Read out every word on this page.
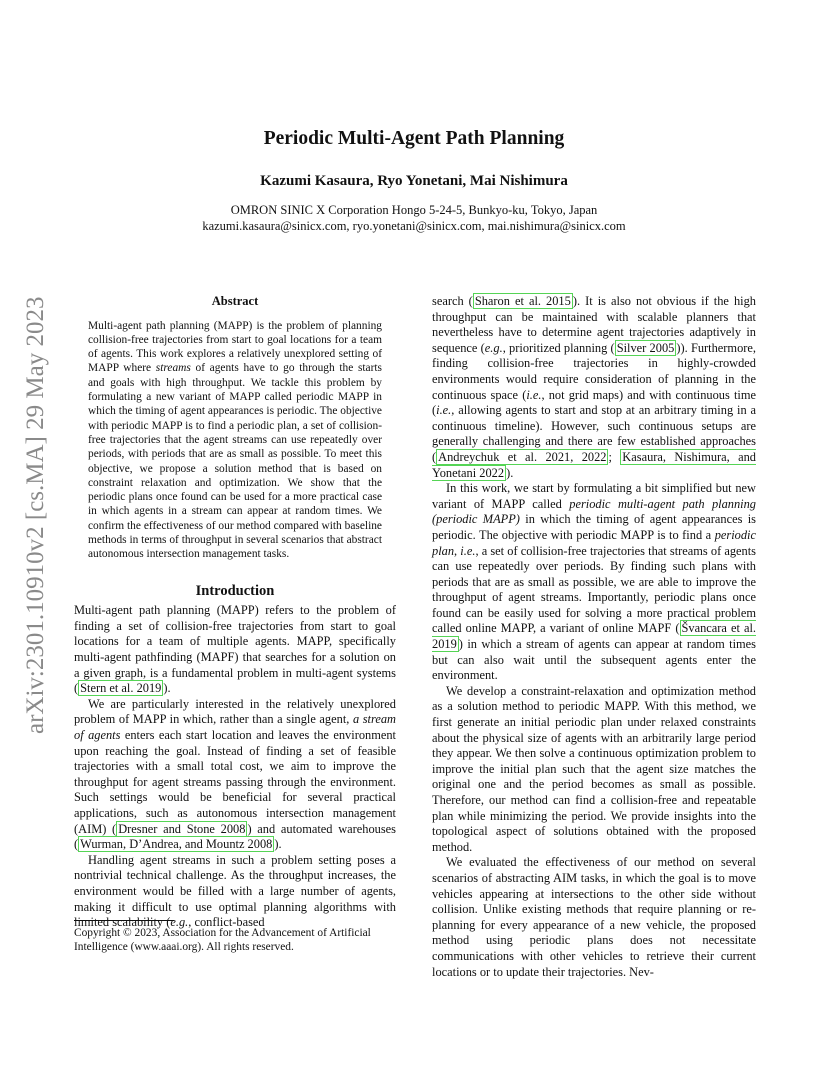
arXiv:2301.10910v2 [cs.MA] 29 May 2023
Periodic Multi-Agent Path Planning
Kazumi Kasaura, Ryo Yonetani, Mai Nishimura
OMRON SINIC X Corporation Hongo 5-24-5, Bunkyo-ku, Tokyo, Japan
kazumi.kasaura@sinicx.com, ryo.yonetani@sinicx.com, mai.nishimura@sinicx.com
Abstract
Multi-agent path planning (MAPP) is the problem of planning collision-free trajectories from start to goal locations for a team of agents. This work explores a relatively unexplored setting of MAPP where streams of agents have to go through the starts and goals with high throughput. We tackle this problem by formulating a new variant of MAPP called periodic MAPP in which the timing of agent appearances is periodic. The objective with periodic MAPP is to find a periodic plan, a set of collision-free trajectories that the agent streams can use repeatedly over periods, with periods that are as small as possible. To meet this objective, we propose a solution method that is based on constraint relaxation and optimization. We show that the periodic plans once found can be used for a more practical case in which agents in a stream can appear at random times. We confirm the effectiveness of our method compared with baseline methods in terms of throughput in several scenarios that abstract autonomous intersection management tasks.
Introduction

Multi-agent path planning (MAPP) refers to the problem of finding a set of collision-free trajectories from start to goal locations for a team of multiple agents. MAPP, specifically multi-agent pathfinding (MAPF) that searches for a solution on a given graph, is a fundamental problem in multi-agent systems ( Stern et al. 2019 ).

We are particularly interested in the relatively unexplored problem of MAPP in which, rather than a single agent, a stream of agents enters each start location and leaves the environment upon reaching the goal. Instead of finding a set of feasible trajectories with a small total cost, we aim to improve the throughput for agent streams passing through the environment. Such settings would be beneficial for several practical applications, such as autonomous intersection management (AIM) ( Dresner and Stone 2008 ) and automated warehouses ( Wurman, D’Andrea, and Mountz 2008 ).

Handling agent streams in such a problem setting poses a nontrivial technical challenge. As the throughput increases, the environment would be filled with a large number of agents, making it difficult to use optimal planning algorithms with limited scalability (e.g., conflict-based

Copyright © 2023, Association for the Advancement of Artificial Intelligence (www.aaai.org). All rights reserved.

search ( Sharon et al. 2015 ). It is also not obvious if the high throughput can be maintained with scalable planners that nevertheless have to determine agent trajectories adaptively in sequence (e.g., prioritized planning ( Silver 2005 )). Furthermore, finding collision-free trajectories in highly-crowded environments would require consideration of planning in the continuous space (i.e., not grid maps) and with continuous time (i.e., allowing agents to start and stop at an arbitrary timing in a continuous timeline). However, such continuous setups are generally challenging and there are few established approaches ( Andreychuk et al. 2021, 2022 ; Kasaura, Nishimura, and Yonetani 2022 ).

In this work, we start by formulating a bit simplified but new variant of MAPP called periodic multi-agent path planning (periodic MAPP) in which the timing of agent appearances is periodic. The objective with periodic MAPP is to find a periodic plan, i.e., a set of collision-free trajectories that streams of agents can use repeatedly over periods. By finding such plans with periods that are as small as possible, we are able to improve the throughput of agent streams. Importantly, periodic plans once found can be easily used for solving a more practical problem called online MAPP, a variant of online MAPF ( Švancara et al. 2019 ) in which a stream of agents can appear at random times but can also wait until the subsequent agents enter the environment.

We develop a constraint-relaxation and optimization method as a solution method to periodic MAPP. With this method, we first generate an initial periodic plan under relaxed constraints about the physical size of agents with an arbitrarily large period they appear. We then solve a continuous optimization problem to improve the initial plan such that the agent size matches the original one and the period becomes as small as possible. Therefore, our method can find a collision-free and repeatable plan while minimizing the period. We provide insights into the topological aspect of solutions obtained with the proposed method.

We evaluated the effectiveness of our method on several scenarios of abstracting AIM tasks, in which the goal is to move vehicles appearing at intersections to the other side without collision. Unlike existing methods that require planning or re-planning for every appearance of a new vehicle, the proposed method using periodic plans does not necessitate communications with other vehicles to retrieve their current locations or to update their trajectories. Nev-
